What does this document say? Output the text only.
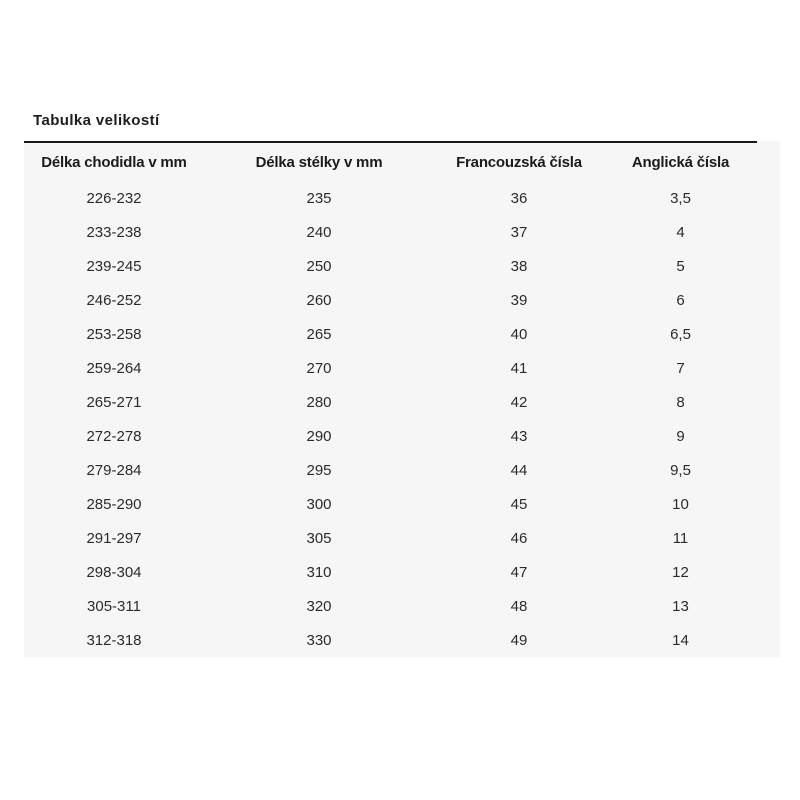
Tabulka velikostí
Délka chodidla v mm	Délka stélky v mm	Francouzská čísla	Anglická čísla
226-232	235	36	3,5
233-238	240	37	4
239-245	250	38	5
246-252	260	39	6
253-258	265	40	6,5
259-264	270	41	7
265-271	280	42	8
272-278	290	43	9
279-284	295	44	9,5
285-290	300	45	10
291-297	305	46	11
298-304	310	47	12
305-311	320	48	13
312-318	330	49	14
